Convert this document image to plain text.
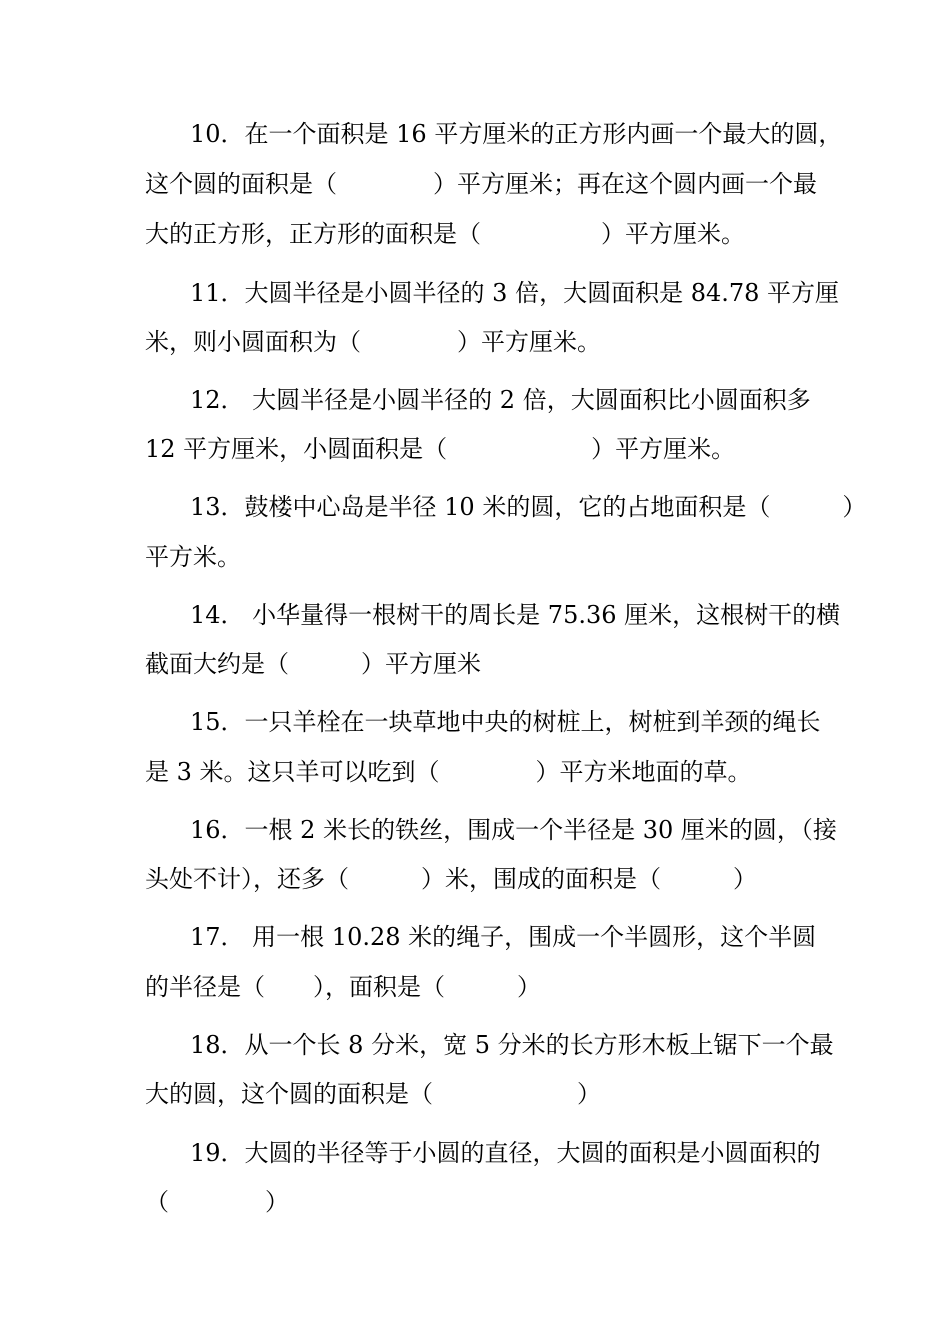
10．在一个面积是 16 平方厘米的正方形内画一个最大的圆，
这个圆的面积是（　　　　）平方厘米；再在这个圆内画一个最
大的正方形，正方形的面积是（　　　　　）平方厘米。
11．大圆半径是小圆半径的 3 倍，大圆面积是 84.78 平方厘
米，则小圆面积为（　　　　）平方厘米。
12． 大圆半径是小圆半径的 2 倍，大圆面积比小圆面积多
12 平方厘米，小圆面积是（　　　　　　）平方厘米。
13．鼓楼中心岛是半径 10 米的圆，它的占地面积是（　　　）
平方米。
14． 小华量得一根树干的周长是 75.36 厘米，这根树干的横
截面大约是（　　　）平方厘米
15．一只羊栓在一块草地中央的树桩上，树桩到羊颈的绳长
是 3 米。这只羊可以吃到（　　　　）平方米地面的草。
16．一根 2 米长的铁丝，围成一个半径是 30 厘米的圆，（接
头处不计），还多（　　　）米，围成的面积是（　　　）
17． 用一根 10.28 米的绳子，围成一个半圆形，这个半圆
的半径是（　　），面积是（　　　）
18．从一个长 8 分米，宽 5 分米的长方形木板上锯下一个最
大的圆，这个圆的面积是（　　　　　　）
19．大圆的半径等于小圆的直径，大圆的面积是小圆面积的
（　　　　）
